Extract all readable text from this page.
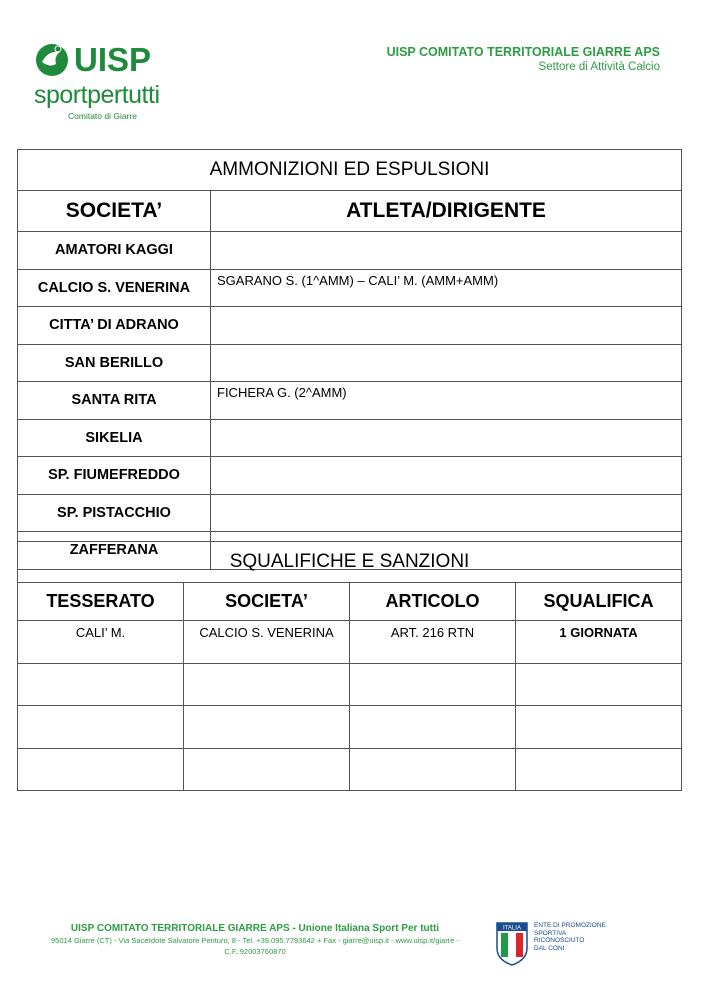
UISP
sportpertutti
Comitato di Giarre
UISP COMITATO TERRITORIALE GIARRE APS
Settore di Attività Calcio
AMMONIZIONI ED ESPULSIONI	
SOCIETA’	ATLETA/DIRIGENTE
AMATORI KAGGI	
CALCIO S. VENERINA	SGARANO S. (1^AMM) – CALI’ M. (AMM+AMM)
CITTA’ DI ADRANO	
SAN BERILLO	
SANTA RITA	FICHERA G. (2^AMM)
SIKELIA	
SP. FIUMEFREDDO	
SP. PISTACCHIO	
ZAFFERANA	
SQUALIFICHE E SANZIONI			
TESSERATO	SOCIETA’	ARTICOLO	SQUALIFICA
CALI’ M.	CALCIO S. VENERINA	ART. 216 RTN	1 GIORNATA

UISP COMITATO TERRITORIALE GIARRE APS - Unione Italiana Sport Per tutti
95014 Giarre (CT) - Via Sacerdote Salvatore Penturo, 8 - Tel. +39.095.7793642 + Fax - giarre@uisp.it - www.uisp.it/giarre - C.F.:92003760870
ITALIA ENTE DI PROMOZIONE
SPORTIVA
RICONOSCIUTO
DAL CONI
